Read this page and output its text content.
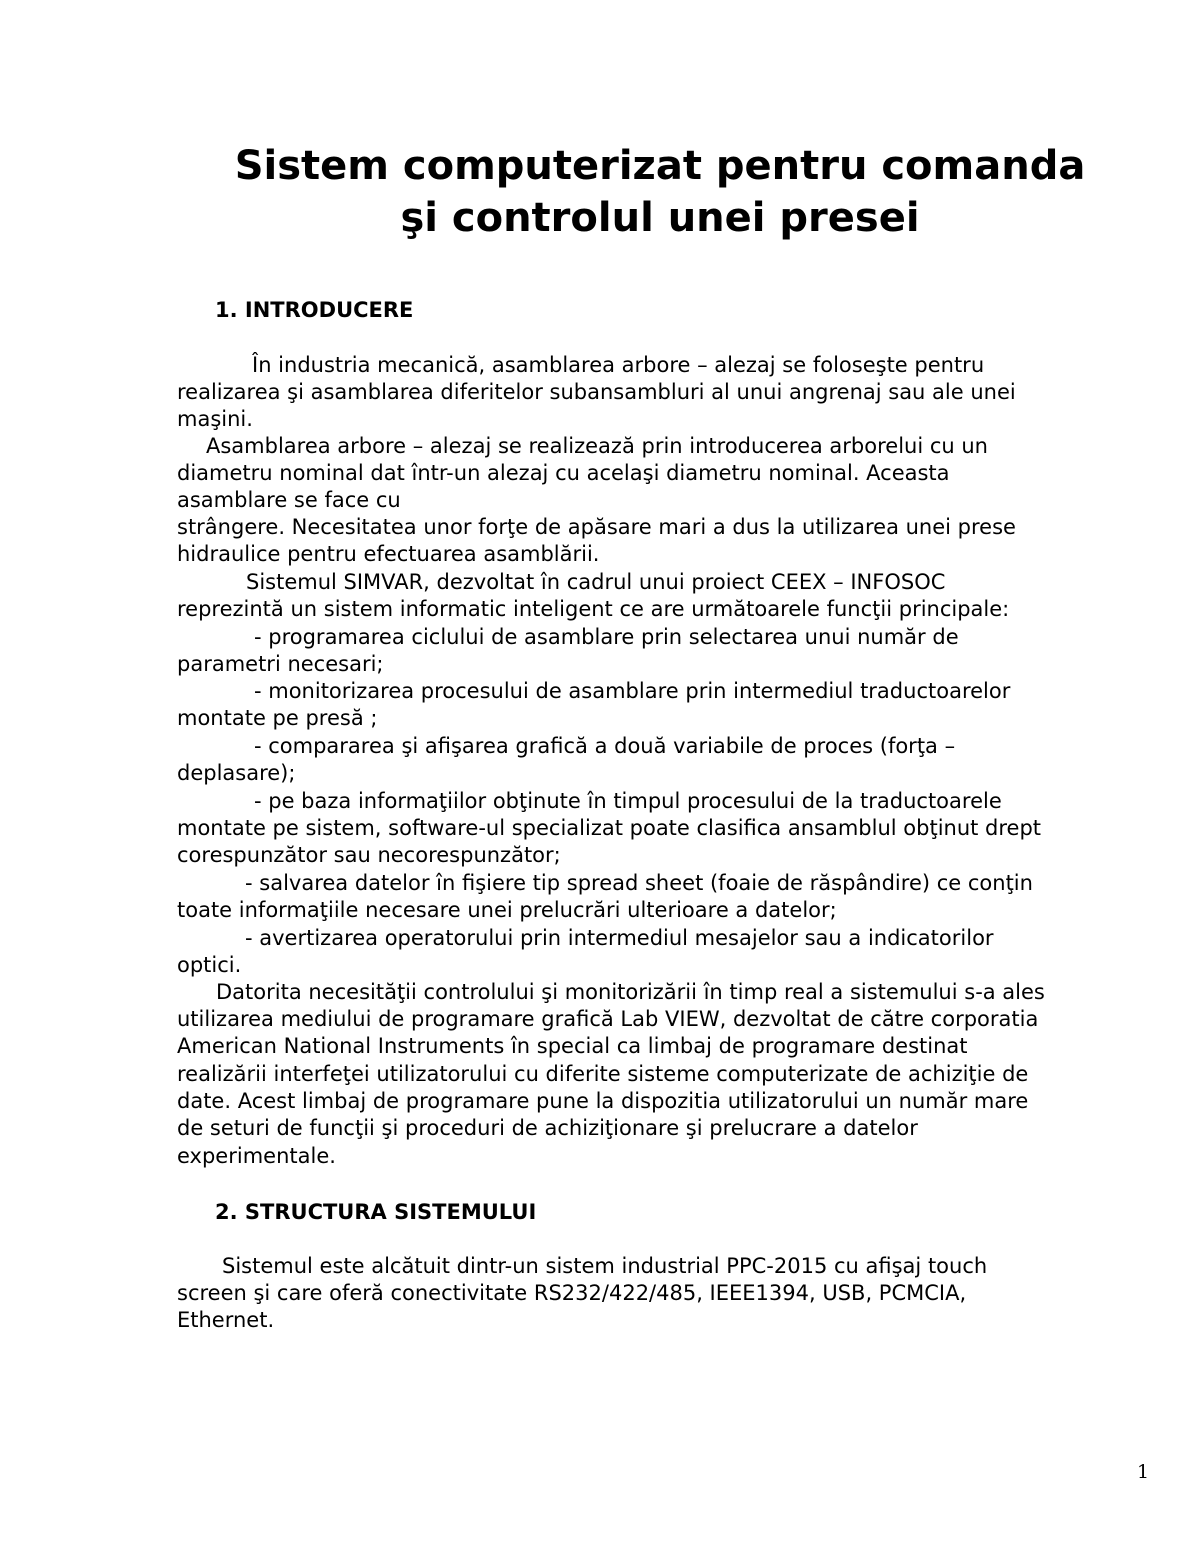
Sistem computerizat pentru comanda
şi controlul unei presei
1. INTRODUCERE

În industria mecanică, asamblarea arbore – alezaj se foloseşte pentru

realizarea şi asamblarea diferitelor subansambluri al unui angrenaj sau ale unei

maşini.

Asamblarea arbore – alezaj se realizează prin introducerea arborelui cu un

diametru nominal dat într-un alezaj cu acelaşi diametru nominal. Aceasta

asamblare se face cu

strângere. Necesitatea unor forţe de apăsare mari a dus la utilizarea unei prese

hidraulice pentru efectuarea asamblării.

Sistemul SIMVAR, dezvoltat în cadrul unui proiect CEEX – INFOSOC

reprezintă un sistem informatic inteligent ce are următoarele funcţii principale:

- programarea ciclului de asamblare prin selectarea unui număr de

parametri necesari;

- monitorizarea procesului de asamblare prin intermediul traductoarelor

montate pe presă ;

- compararea şi afişarea grafică a două variabile de proces (forţa –

deplasare);

- pe baza informaţiilor obţinute în timpul procesului de la traductoarele

montate pe sistem, software-ul specializat poate clasifica ansamblul obţinut drept

corespunzător sau necorespunzător;

- salvarea datelor în fişiere tip spread sheet (foaie de răspândire) ce conţin

toate informaţiile necesare unei prelucrări ulterioare a datelor;

- avertizarea operatorului prin intermediul mesajelor sau a indicatorilor

optici.

Datorita necesităţii controlului şi monitorizării în timp real a sistemului s-a ales

utilizarea mediului de programare grafică Lab VIEW, dezvoltat de către corporatia

American National Instruments în special ca limbaj de programare destinat

realizării interfeţei utilizatorului cu diferite sisteme computerizate de achiziţie de

date. Acest limbaj de programare pune la dispozitia utilizatorului un număr mare

de seturi de funcţii şi proceduri de achiziţionare şi prelucrare a datelor

experimentale.

2. STRUCTURA SISTEMULUI

Sistemul este alcătuit dintr-un sistem industrial PPC-2015 cu afişaj touch

screen şi care oferă conectivitate RS232/422/485, IEEE1394, USB, PCMCIA,

Ethernet.

1
